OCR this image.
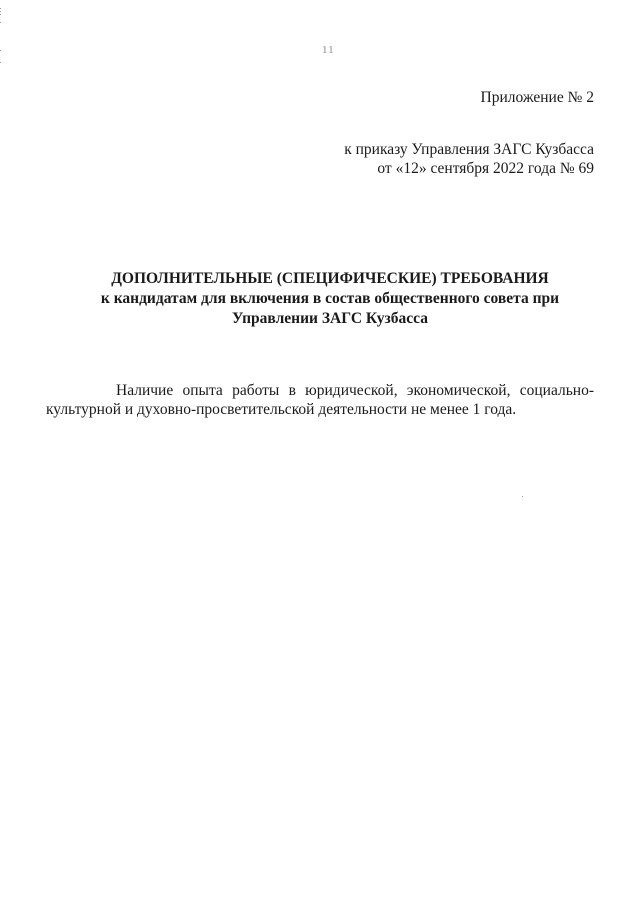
11
Приложение № 2
к приказу Управления ЗАГС Кузбасса
от «12» сентября 2022 года № 69
ДОПОЛНИТЕЛЬНЫЕ (СПЕЦИФИЧЕСКИЕ) ТРЕБОВАНИЯ
к кандидатам для включения в состав общественного совета при
Управлении ЗАГС Кузбасса

Наличие опыта работы в юридической, экономической, социально-культурной и духовно-просветительской деятельности не менее 1 года.
